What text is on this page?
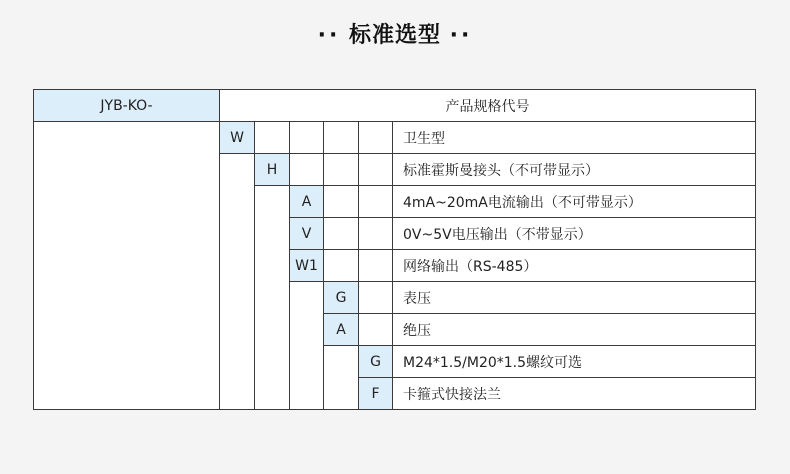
·· 标准选型 ··
JYB-KO-	产品规格代号					
	W					卫生型
		H				标准霍斯曼接头（不可带显示）
			A			4mA~20mA电流输出（不可带显示）
			V			0V~5V电压输出（不带显示）
			W1			网络输出（RS-485）
				G		表压
				A		绝压
					G	M24*1.5/M20*1.5螺纹可选
					F	卡箍式快接法兰
